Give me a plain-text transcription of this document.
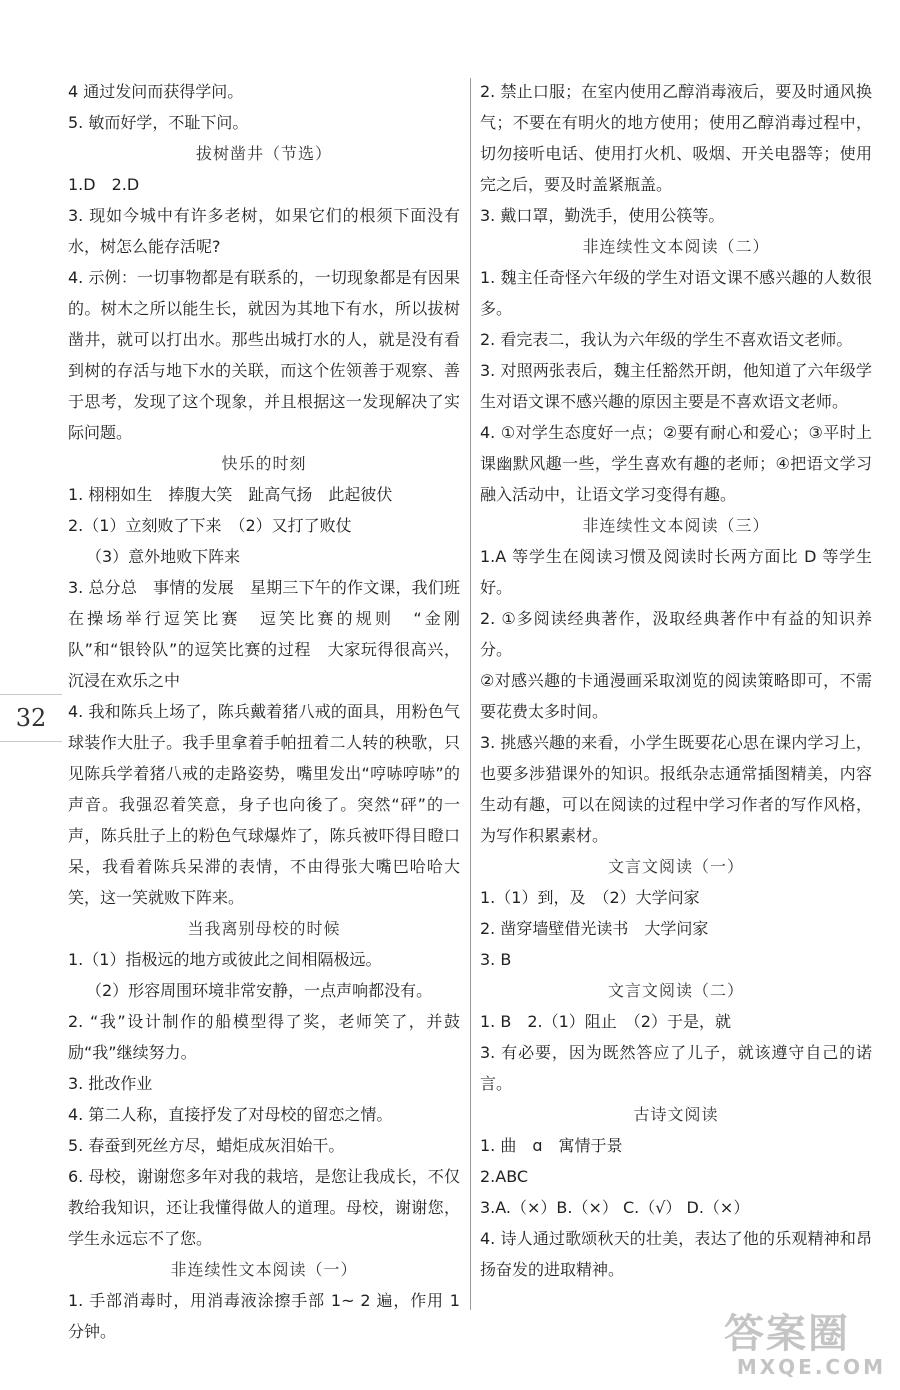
32

4 通过发问而获得学问。

5. 敏而好学，不耻下问。

拔树凿井（节选）

1.D　2.D

3. 现如今城中有许多老树，如果它们的根须下面没有水，树怎么能存活呢?

4. 示例：一切事物都是有联系的，一切现象都是有因果的。树木之所以能生长，就因为其地下有水，所以拔树凿井，就可以打出水。那些出城打水的人，就是没有看到树的存活与地下水的关联，而这个佐领善于观察、善于思考，发现了这个现象，并且根据这一发现解决了实际问题。

快乐的时刻

1. 栩栩如生　捧腹大笑　趾高气扬　此起彼伏

2.（1）立刻败了下来　（2）又打了败仗

（3）意外地败下阵来

3. 总分总　事情的发展　星期三下午的作文课，我们班在操场举行逗笑比赛　逗笑比赛的规则　“金刚队”和“银铃队”的逗笑比赛的过程　大家玩得很高兴，沉浸在欢乐之中

4. 我和陈兵上场了，陈兵戴着猪八戒的面具，用粉色气球装作大肚子。我手里拿着手帕扭着二人转的秧歌，只见陈兵学着猪八戒的走路姿势，嘴里发出“哼哧哼哧”的声音。我强忍着笑意，身子也向後了。突然“砰”的一声，陈兵肚子上的粉色气球爆炸了，陈兵被吓得目瞪口呆，我看着陈兵呆滞的表情，不由得张大嘴巴哈哈大笑，这一笑就败下阵来。

当我离别母校的时候

1.（1）指极远的地方或彼此之间相隔极远。

（2）形容周围环境非常安静，一点声响都没有。

2. “我”设计制作的船模型得了奖，老师笑了，并鼓励“我”继续努力。

3. 批改作业

4. 第二人称，直接抒发了对母校的留恋之情。

5. 春蚕到死丝方尽，蜡炬成灰泪始干。

6. 母校，谢谢您多年对我的栽培，是您让我成长，不仅教给我知识，还让我懂得做人的道理。母校，谢谢您，学生永远忘不了您。

非连续性文本阅读（一）

1. 手部消毒时，用消毒液涂擦手部 1~ 2 遍，作用 1 分钟。

2. 禁止口服；在室内使用乙醇消毒液后，要及时通风换气；不要在有明火的地方使用；使用乙醇消毒过程中，切勿接听电话、使用打火机、吸烟、开关电器等；使用完之后，要及时盖紧瓶盖。

3. 戴口罩，勤洗手，使用公筷等。

非连续性文本阅读（二）

1. 魏主任奇怪六年级的学生对语文课不感兴趣的人数很多。

2. 看完表二，我认为六年级的学生不喜欢语文老师。

3. 对照两张表后，魏主任豁然开朗，他知道了六年级学生对语文课不感兴趣的原因主要是不喜欢语文老师。

4. ①对学生态度好一点；②要有耐心和爱心；③平时上课幽默风趣一些，学生喜欢有趣的老师；④把语文学习融入活动中，让语文学习变得有趣。

非连续性文本阅读（三）

1.A 等学生在阅读习惯及阅读时长两方面比 D 等学生好。

2. ①多阅读经典著作，汲取经典著作中有益的知识养分。

②对感兴趣的卡通漫画采取浏览的阅读策略即可，不需要花费太多时间。

3. 挑感兴趣的来看，小学生既要花心思在课内学习上，也要多涉猎课外的知识。报纸杂志通常插图精美，内容生动有趣，可以在阅读的过程中学习作者的写作风格，为写作积累素材。

文言文阅读（一）

1.（1）到，及　（2）大学问家

2. 凿穿墙壁借光读书　大学问家

3. B

文言文阅读（二）

1. B　2.（1）阻止　（2）于是，就

3. 有必要，因为既然答应了儿子，就该遵守自己的诺言。

古诗文阅读

1. 曲　ɑ　寓情于景

2.ABC

3.A.（×）B.（×） C.（√） D.（×）

4. 诗人通过歌颂秋天的壮美，表达了他的乐观精神和昂扬奋发的进取精神。

答案圈
MXQE.COM
